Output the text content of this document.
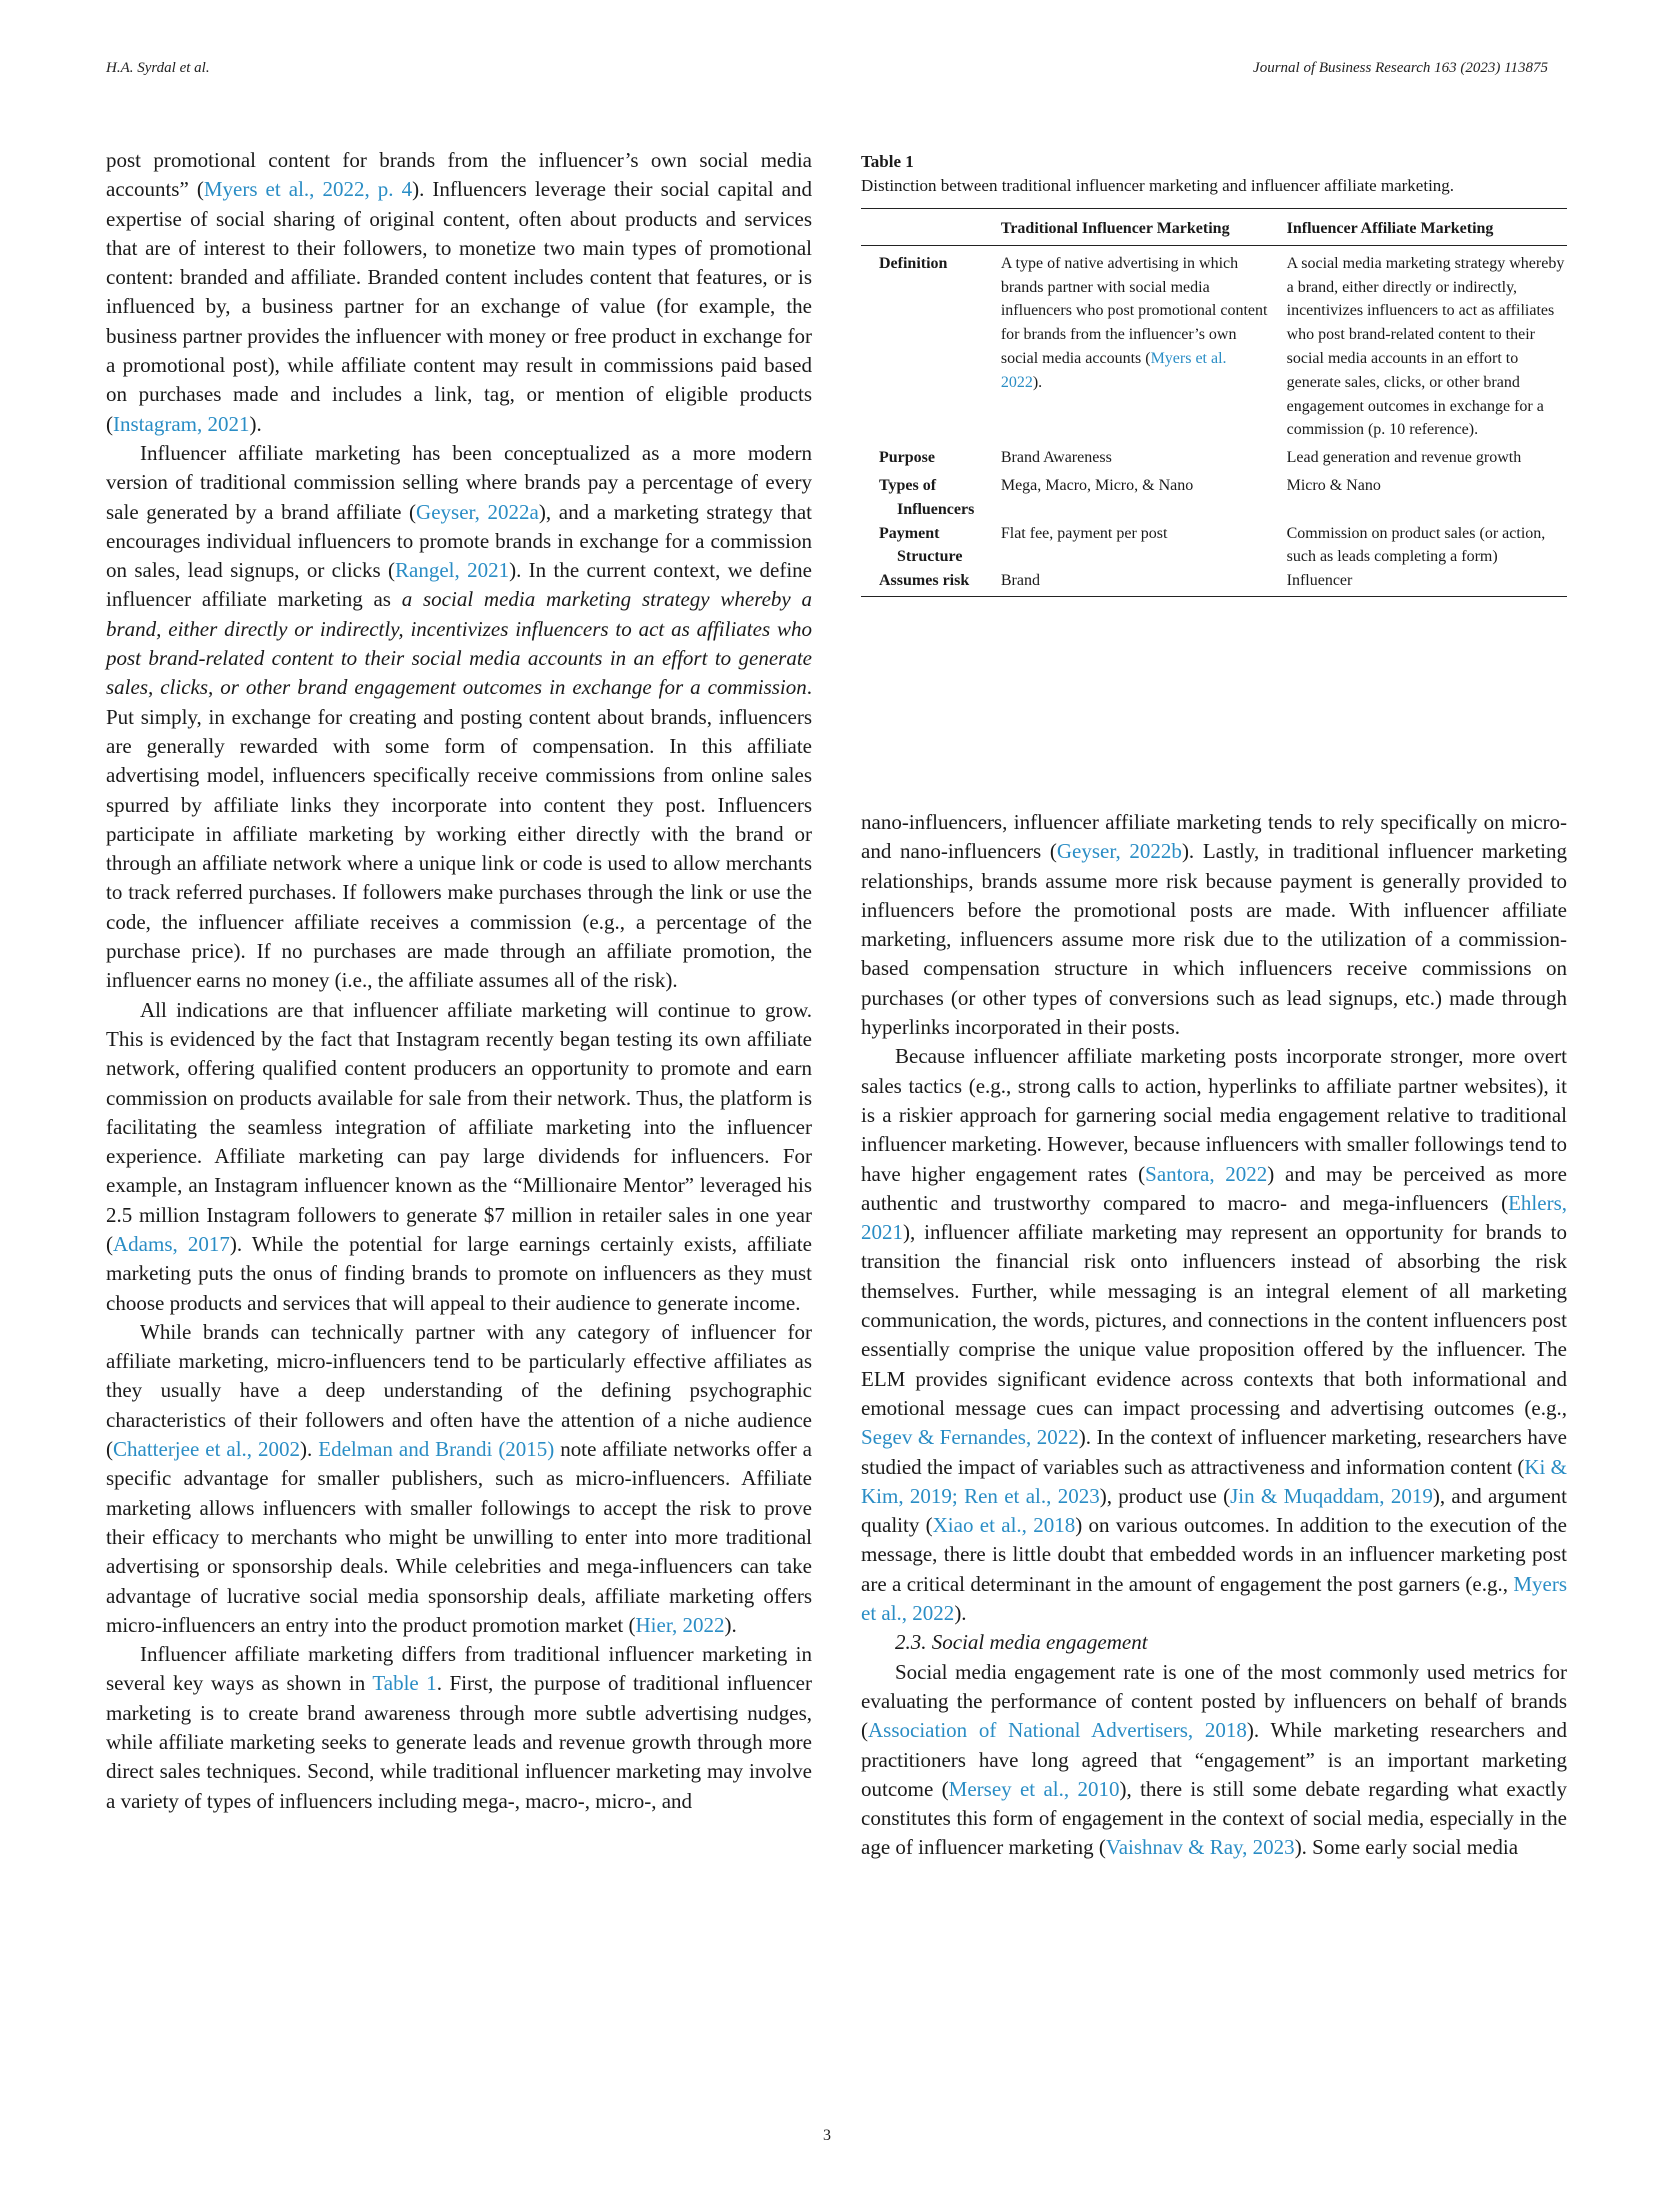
H.A. Syrdal et al.	Journal of Business Research 163 (2023) 113875

post promotional content for brands from the influencer’s own social media accounts” (Myers et al., 2022, p. 4). Influencers leverage their social capital and expertise of social sharing of original content, often about products and services that are of interest to their followers, to monetize two main types of promotional content: branded and affiliate. Branded content includes content that features, or is influenced by, a business partner for an exchange of value (for example, the business partner provides the influencer with money or free product in exchange for a promotional post), while affiliate content may result in commissions paid based on purchases made and includes a link, tag, or mention of eligible products (Instagram, 2021).

Influencer affiliate marketing has been conceptualized as a more modern version of traditional commission selling where brands pay a percentage of every sale generated by a brand affiliate (Geyser, 2022a), and a marketing strategy that encourages individual influencers to promote brands in exchange for a commission on sales, lead signups, or clicks (Rangel, 2021). In the current context, we define influencer affiliate marketing as a social media marketing strategy whereby a brand, either directly or indirectly, incentivizes influencers to act as affiliates who post brand-related content to their social media accounts in an effort to generate sales, clicks, or other brand engagement outcomes in exchange for a commission. Put simply, in exchange for creating and posting content about brands, influencers are generally rewarded with some form of compensation. In this affiliate advertising model, influencers specifically receive commissions from online sales spurred by affiliate links they incorporate into content they post. Influencers participate in affiliate marketing by working either directly with the brand or through an affiliate network where a unique link or code is used to allow merchants to track referred purchases. If followers make purchases through the link or use the code, the influencer affiliate receives a commission (e.g., a percentage of the purchase price). If no purchases are made through an affiliate promotion, the influencer earns no money (i.e., the affiliate assumes all of the risk).

All indications are that influencer affiliate marketing will continue to grow. This is evidenced by the fact that Instagram recently began testing its own affiliate network, offering qualified content producers an opportunity to promote and earn commission on products available for sale from their network. Thus, the platform is facilitating the seamless integration of affiliate marketing into the influencer experience. Affiliate marketing can pay large dividends for influencers. For example, an Instagram influencer known as the “Millionaire Mentor” leveraged his 2.5 million Instagram followers to generate $7 million in retailer sales in one year (Adams, 2017). While the potential for large earnings certainly exists, affiliate marketing puts the onus of finding brands to promote on influencers as they must choose products and services that will appeal to their audience to generate income.

While brands can technically partner with any category of influencer for affiliate marketing, micro-influencers tend to be particularly effective affiliates as they usually have a deep understanding of the defining psychographic characteristics of their followers and often have the attention of a niche audience (Chatterjee et al., 2002). Edelman and Brandi (2015) note affiliate networks offer a specific advantage for smaller publishers, such as micro-influencers. Affiliate marketing allows influencers with smaller followings to accept the risk to prove their efficacy to merchants who might be unwilling to enter into more traditional advertising or sponsorship deals. While celebrities and mega-influencers can take advantage of lucrative social media sponsorship deals, affiliate marketing offers micro-influencers an entry into the product promotion market (Hier, 2022).

Influencer affiliate marketing differs from traditional influencer marketing in several key ways as shown in Table 1. First, the purpose of traditional influencer marketing is to create brand awareness through more subtle advertising nudges, while affiliate marketing seeks to generate leads and revenue growth through more direct sales techniques. Second, while traditional influencer marketing may involve a variety of types of influencers including mega-, macro-, micro-, and

Table 1
Distinction between traditional influencer marketing and influencer affiliate marketing.
	Traditional Influencer Marketing	Influencer Affiliate Marketing
Definition	A type of native advertising in which brands partner with social media influencers who post promotional content for brands from the influencer’s own social media accounts (Myers et al. 2022).	A social media marketing strategy whereby a brand, either directly or indirectly, incentivizes influencers to act as affiliates who post brand-related content to their social media accounts in an effort to generate sales, clicks, or other brand engagement outcomes in exchange for a commission (p. 10 reference).
Purpose	Brand Awareness	Lead generation and revenue growth
Types of
Influencers	Mega, Macro, Micro, & Nano	Micro & Nano
Payment
Structure	Flat fee, payment per post	Commission on product sales (or action, such as leads completing a form)
Assumes risk	Brand	Influencer

nano-influencers, influencer affiliate marketing tends to rely specifically on micro- and nano-influencers (Geyser, 2022b). Lastly, in traditional influencer marketing relationships, brands assume more risk because payment is generally provided to influencers before the promotional posts are made. With influencer affiliate marketing, influencers assume more risk due to the utilization of a commission-based compensation structure in which influencers receive commissions on purchases (or other types of conversions such as lead signups, etc.) made through hyperlinks incorporated in their posts.

Because influencer affiliate marketing posts incorporate stronger, more overt sales tactics (e.g., strong calls to action, hyperlinks to affiliate partner websites), it is a riskier approach for garnering social media engagement relative to traditional influencer marketing. However, because influencers with smaller followings tend to have higher engagement rates (Santora, 2022) and may be perceived as more authentic and trustworthy compared to macro- and mega-influencers (Ehlers, 2021), influencer affiliate marketing may represent an opportunity for brands to transition the financial risk onto influencers instead of absorbing the risk themselves. Further, while messaging is an integral element of all marketing communication, the words, pictures, and connections in the content influencers post essentially comprise the unique value proposition offered by the influencer. The ELM provides significant evidence across contexts that both informational and emotional message cues can impact processing and advertising outcomes (e.g., Segev & Fernandes, 2022). In the context of influencer marketing, researchers have studied the impact of variables such as attractiveness and information content (Ki & Kim, 2019; Ren et al., 2023), product use (Jin & Muqaddam, 2019), and argument quality (Xiao et al., 2018) on various outcomes. In addition to the execution of the message, there is little doubt that embedded words in an influencer marketing post are a critical determinant in the amount of engagement the post garners (e.g., Myers et al., 2022).

2.3. Social media engagement

Social media engagement rate is one of the most commonly used metrics for evaluating the performance of content posted by influencers on behalf of brands (Association of National Advertisers, 2018). While marketing researchers and practitioners have long agreed that “engagement” is an important marketing outcome (Mersey et al., 2010), there is still some debate regarding what exactly constitutes this form of engagement in the context of social media, especially in the age of influencer marketing (Vaishnav & Ray, 2023). Some early social media

3
